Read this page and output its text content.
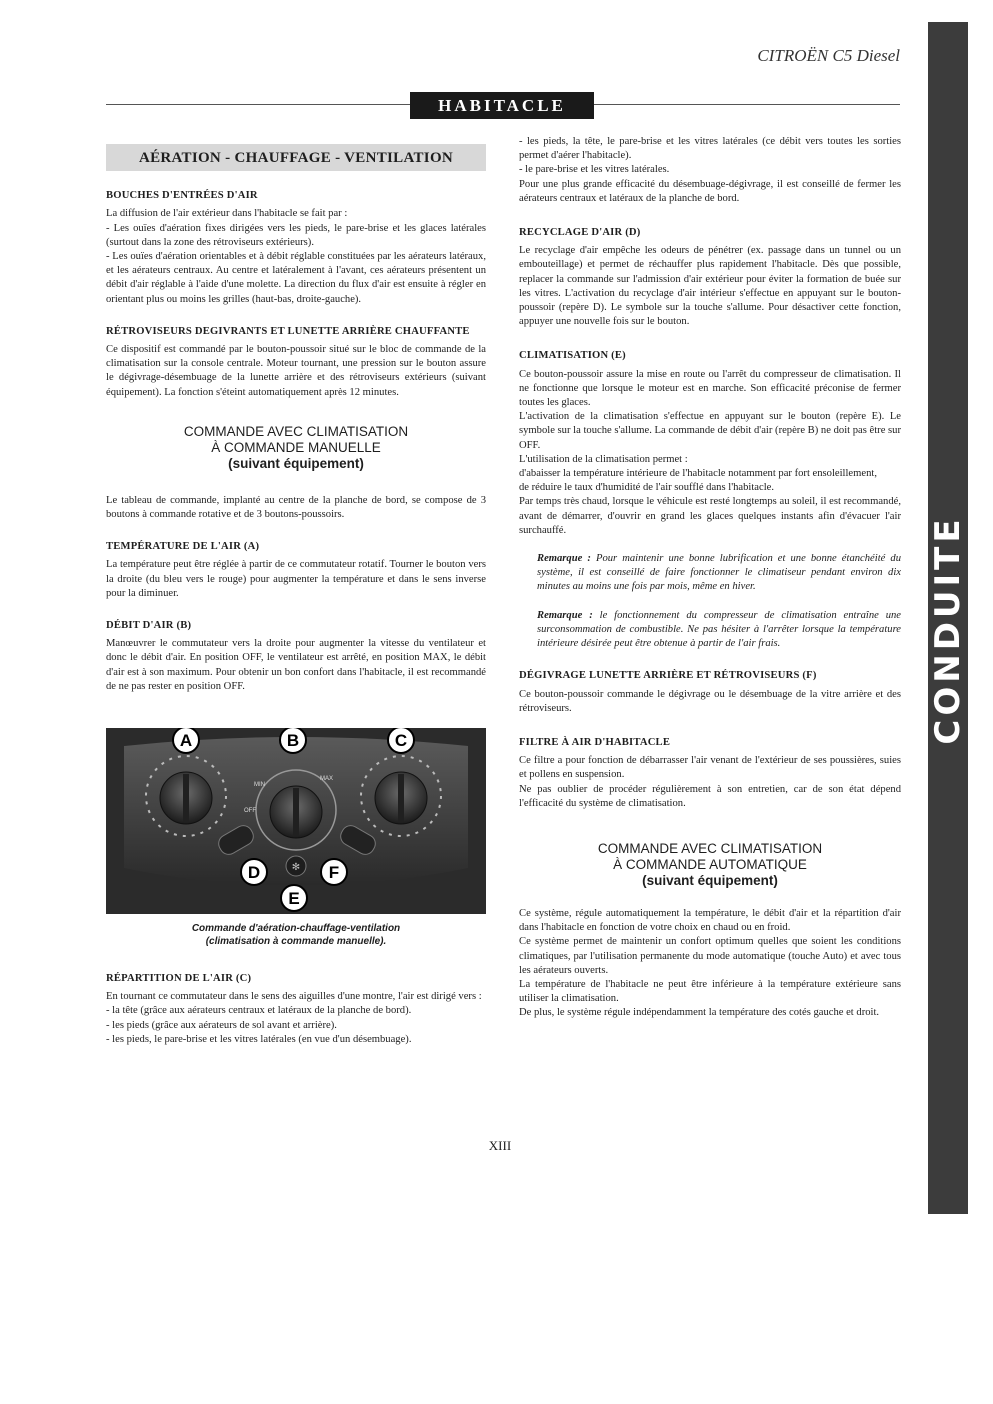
CITROËN C5 Diesel
HABITACLE
CONDUITE
AÉRATION - CHAUFFAGE - VENTILATION
BOUCHES D'ENTRÉES D'AIR

La diffusion de l'air extérieur dans l'habitacle se fait par :

- Les ouïes d'aération fixes dirigées vers les pieds, le pare-brise et les glaces latérales (surtout dans la zone des rétroviseurs extérieurs).

- Les ouïes d'aération orientables et à débit réglable constituées par les aérateurs latéraux, et les aérateurs centraux. Au centre et latéralement à l'avant, ces aérateurs présentent un débit d'air réglable à l'aide d'une molette. La direction du flux d'air est ensuite à régler en orientant plus ou moins les grilles (haut-bas, droite-gauche).

RÉTROVISEURS DEGIVRANTS ET LUNETTE ARRIÈRE CHAUFFANTE

Ce dispositif est commandé par le bouton-poussoir situé sur le bloc de commande de la climatisation sur la console centrale. Moteur tournant, une pression sur le bouton assure le dégivrage-désembuage de la lunette arrière et des rétroviseurs extérieurs (suivant équipement). La fonction s'éteint automatiquement après 12 minutes.

COMMANDE AVEC CLIMATISATION
À COMMANDE MANUELLE
(suivant équipement)

Le tableau de commande, implanté au centre de la planche de bord, se compose de 3 boutons à commande rotative et de 3 boutons-poussoirs.

TEMPÉRATURE DE L'AIR (A)

La température peut être réglée à partir de ce commutateur rotatif. Tourner le bouton vers la droite (du bleu vers le rouge) pour augmenter la température et dans le sens inverse pour la diminuer.

DÉBIT D'AIR (B)

Manœuvrer le commutateur vers la droite pour augmenter la vitesse du ventilateur et donc le débit d'air. En position OFF, le ventilateur est arrêté, en position MAX, le débit d'air est à son maximum. Pour obtenir un bon confort dans l'habitacle, il est recommandé de ne pas rester en position OFF.

MIN
MAX
OFF
✻
A	B	C
D
E
F
Commande d'aération-chauffage-ventilation
(climatisation à commande manuelle).
RÉPARTITION DE L'AIR (C)

En tournant ce commutateur dans le sens des aiguilles d'une montre, l'air est dirigé vers :

- la tête (grâce aux aérateurs centraux et latéraux de la planche de bord).

- les pieds (grâce aux aérateurs de sol avant et arrière).

- les pieds, le pare-brise et les vitres latérales (en vue d'un désembuage).

- les pieds, la tête, le pare-brise et les vitres latérales (ce débit vers toutes les sorties permet d'aérer l'habitacle).

- le pare-brise et les vitres latérales.

Pour une plus grande efficacité du désembuage-dégivrage, il est conseillé de fermer les aérateurs centraux et latéraux de la planche de bord.

RECYCLAGE D'AIR (D)

Le recyclage d'air empêche les odeurs de pénétrer (ex. passage dans un tunnel ou un embouteillage) et permet de réchauffer plus rapidement l'habitacle. Dès que possible, replacer la commande sur l'admission d'air extérieur pour éviter la formation de buée sur les vitres. L'activation du recyclage d'air intérieur s'effectue en appuyant sur le bouton-poussoir (repère D). Le symbole sur la touche s'allume. Pour désactiver cette fonction, appuyer une nouvelle fois sur le bouton.

CLIMATISATION (E)

Ce bouton-poussoir assure la mise en route ou l'arrêt du compresseur de climatisation. Il ne fonctionne que lorsque le moteur est en marche. Son efficacité préconise de fermer toutes les glaces.

L'activation de la climatisation s'effectue en appuyant sur le bouton (repère E). Le symbole sur la touche s'allume. La commande de débit d'air (repère B) ne doit pas être sur OFF.

L'utilisation de la climatisation permet :

d'abaisser la température intérieure de l'habitacle notamment par fort ensoleillement,

de réduire le taux d'humidité de l'air soufflé dans l'habitacle.

Par temps très chaud, lorsque le véhicule est resté longtemps au soleil, il est recommandé, avant de démarrer, d'ouvrir en grand les glaces quelques instants afin d'évacuer l'air surchauffé.

Remarque : Pour maintenir une bonne lubrification et une bonne étanchéité du système, il est conseillé de faire fonctionner le climatiseur pendant environ dix minutes au moins une fois par mois, même en hiver.

Remarque : le fonctionnement du compresseur de climatisation entraîne une surconsommation de combustible. Ne pas hésiter à l'arrêter lorsque la température intérieure désirée peut être obtenue à partir de l'air frais.

DÉGIVRAGE LUNETTE ARRIÈRE ET RÉTROVISEURS (F)

Ce bouton-poussoir commande le dégivrage ou le désembuage de la vitre arrière et des rétroviseurs.

FILTRE À AIR D'HABITACLE

Ce filtre a pour fonction de débarrasser l'air venant de l'extérieur de ses poussières, suies et pollens en suspension.

Ne pas oublier de procéder régulièrement à son entretien, car de son état dépend l'efficacité du système de climatisation.

COMMANDE AVEC CLIMATISATION
À COMMANDE AUTOMATIQUE
(suivant équipement)

Ce système, régule automatiquement la température, le débit d'air et la répartition d'air dans l'habitacle en fonction de votre choix en chaud ou en froid.

Ce système permet de maintenir un confort optimum quelles que soient les conditions climatiques, par l'utilisation permanente du mode automatique (touche Auto) et avec tous les aérateurs ouverts.

La température de l'habitacle ne peut être inférieure à la température extérieure sans utiliser la climatisation.

De plus, le système régule indépendamment la température des cotés gauche et droit.

XIII
